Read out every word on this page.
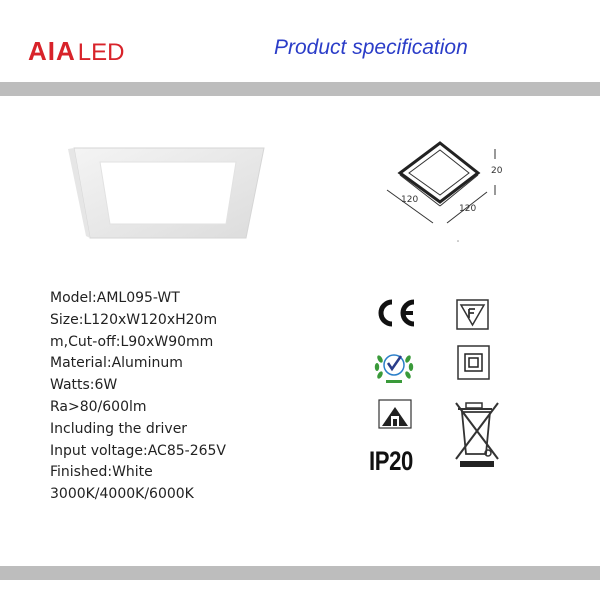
AIA LED	Product specification
20
120
120
Model:AML095-WT
Size:L120xW120xH20m
m,Cut-off:L90xW90mm
Material:Aluminum
Watts:6W
Ra>80/600lm
Including the driver
Input voltage:AC85-265V
Finished:White
3000K/4000K/6000K
IP20
